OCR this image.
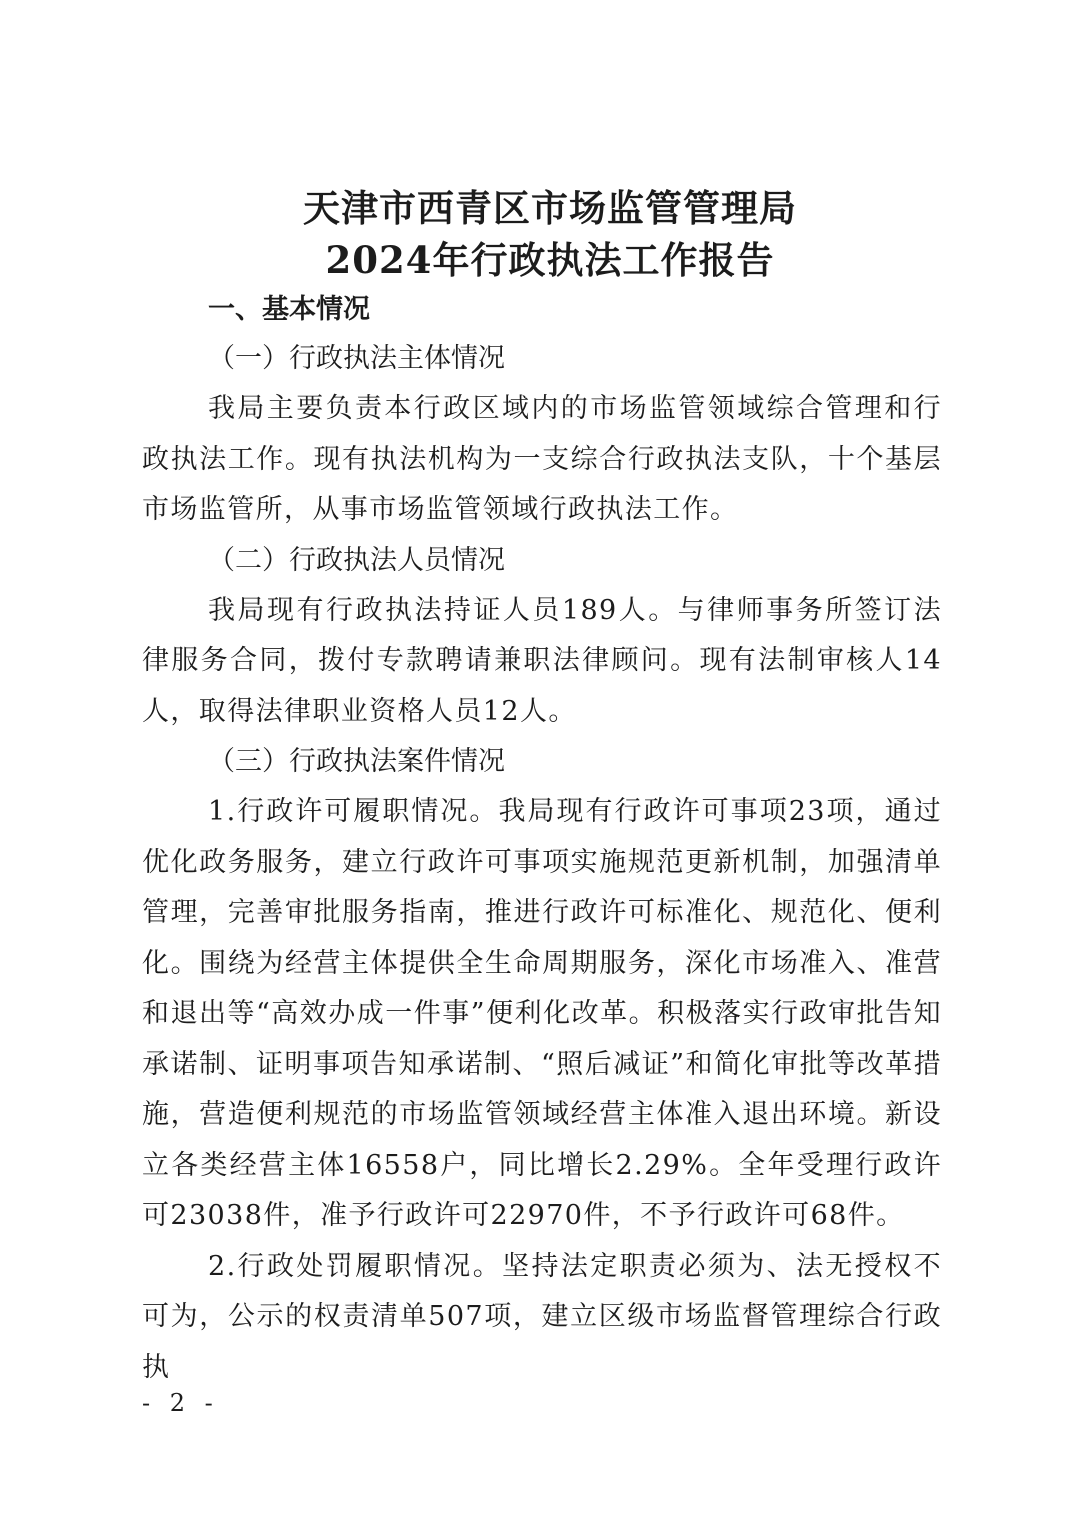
天津市西青区市场监管管理局
2024年行政执法工作报告
一、基本情况
（一）行政执法主体情况

我局主要负责本行政区域内的市场监管领域综合管理和行政执法工作。现有执法机构为一支综合行政执法支队，十个基层市场监管所，从事市场监管领域行政执法工作。

（二）行政执法人员情况

我局现有行政执法持证人员189人。与律师事务所签订法律服务合同，拨付专款聘请兼职法律顾问。现有法制审核人14人，取得法律职业资格人员12人。

（三）行政执法案件情况

1.行政许可履职情况。我局现有行政许可事项23项，通过优化政务服务，建立行政许可事项实施规范更新机制，加强清单管理，完善审批服务指南，推进行政许可标准化、规范化、便利化。围绕为经营主体提供全生命周期服务，深化市场准入、准营和退出等“高效办成一件事”便利化改革。积极落实行政审批告知承诺制、证明事项告知承诺制、“照后减证”和简化审批等改革措施，营造便利规范的市场监管领域经营主体准入退出环境。新设立各类经营主体16558户，同比增长2.29%。全年受理行政许可23038件，准予行政许可22970件，不予行政许可68件。

2.行政处罚履职情况。坚持法定职责必须为、法无授权不可为，公示的权责清单507项，建立区级市场监督管理综合行政执

- 2 -
